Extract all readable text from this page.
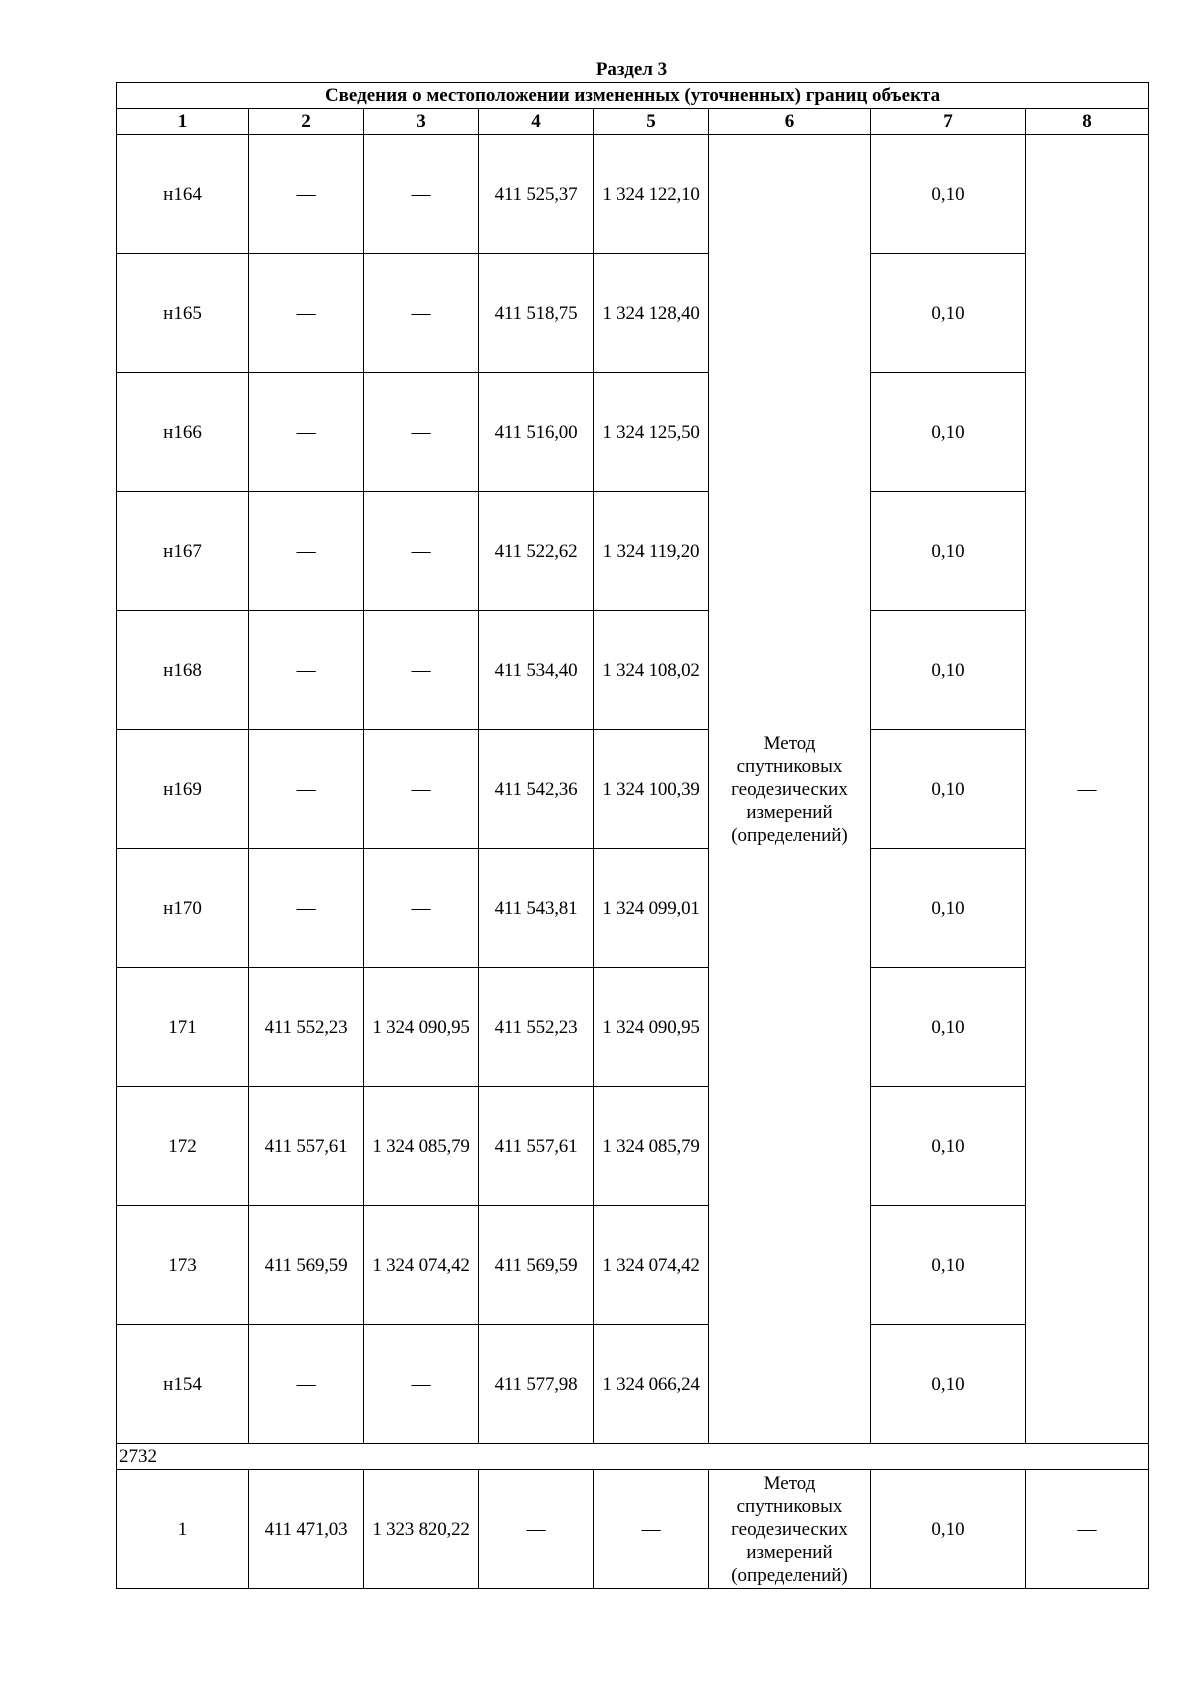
Раздел 3
Сведения о местоположении измененных (уточненных) границ объекта							
1	2	3	4	5	6	7	8
н164	—	—	411 525,37	1 324 122,10	Метод
спутниковых
геодезических
измерений
(определений)	0,10	—
н165	—	—	411 518,75	1 324 128,40		0,10	
н166	—	—	411 516,00	1 324 125,50		0,10	
н167	—	—	411 522,62	1 324 119,20		0,10	
н168	—	—	411 534,40	1 324 108,02		0,10	
н169	—	—	411 542,36	1 324 100,39		0,10	
н170	—	—	411 543,81	1 324 099,01		0,10	
171	411 552,23	1 324 090,95	411 552,23	1 324 090,95		0,10	
172	411 557,61	1 324 085,79	411 557,61	1 324 085,79		0,10	
173	411 569,59	1 324 074,42	411 569,59	1 324 074,42		0,10	
н154	—	—	411 577,98	1 324 066,24		0,10	
2732							
1	411 471,03	1 323 820,22	—	—	Метод
спутниковых
геодезических
измерений
(определений)	0,10	—
